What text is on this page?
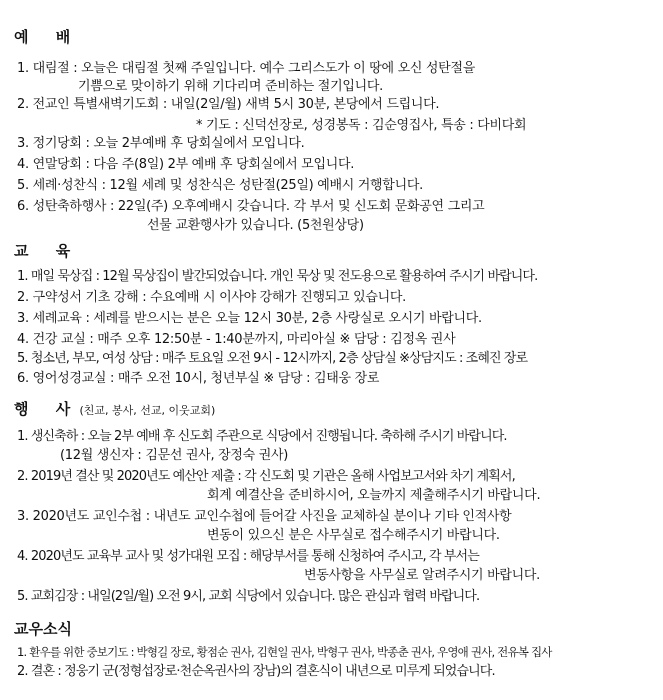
예 배
1. 대림절 : 오늘은 대림절 첫째 주일입니다. 예수 그리스도가 이 땅에 오신 성탄절을
기쁨으로 맞이하기 위해 기다리며 준비하는 절기입니다.
2. 전교인 특별새벽기도회 : 내일(2일/월) 새벽 5시 30분, 본당에서 드립니다.
* 기도 : 신덕선장로, 성경봉독 : 김순영집사, 특송 : 다비다회
3. 정기당회 : 오늘 2부예배 후 당회실에서 모입니다.
4. 연말당회 : 다음 주(8일) 2부 예배 후 당회실에서 모입니다.
5. 세례·성찬식 : 12월 세례 및 성찬식은 성탄절(25일) 예배시 거행합니다.
6. 성탄축하행사 : 22일(주) 오후예배시 갖습니다. 각 부서 및 신도회 문화공연 그리고
선물 교환행사가 있습니다. (5천원상당)
교 육
1. 매일 묵상집 : 12월 묵상집이 발간되었습니다. 개인 묵상 및 전도용으로 활용하여 주시기 바랍니다.
2. 구약성서 기초 강해 : 수요예배 시 이사야 강해가 진행되고 있습니다.
3. 세례교육 : 세례를 받으시는 분은 오늘 12시 30분, 2층 사랑실로 오시기 바랍니다.
4. 건강 교실 : 매주 오후 12:50분 - 1:40분까지, 마리아실 ※ 담당 : 김정옥 권사
5. 청소년, 부모, 여성 상담 : 매주 토요일 오전 9시 - 12시까지, 2층 상담실 ※상담지도 : 조혜진 장로
6. 영어성경교실 : 매주 오전 10시, 청년부실 ※ 담당 : 김태웅 장로
행 사 (친교, 봉사, 선교, 이웃교회)
1. 생신축하 : 오늘 2부 예배 후 신도회 주관으로 식당에서 진행됩니다. 축하해 주시기 바랍니다.
(12월 생신자 : 김문선 권사, 장정숙 권사)
2. 2019년 결산 및 2020년도 예산안 제출 : 각 신도회 및 기관은 올해 사업보고서와 차기 계획서,
회계 예결산을 준비하시어, 오늘까지 제출해주시기 바랍니다.
3. 2020년도 교인수첩 : 내년도 교인수첩에 들어갈 사진을 교체하실 분이나 기타 인적사항
변동이 있으신 분은 사무실로 접수해주시기 바랍니다.
4. 2020년도 교육부 교사 및 성가대원 모집 : 해당부서를 통해 신청하여 주시고, 각 부서는
변동사항을 사무실로 알려주시기 바랍니다.
5. 교회김장 : 내일(2일/월) 오전 9시, 교회 식당에서 있습니다. 많은 관심과 협력 바랍니다.
교우소식
1. 환우를 위한 중보기도 : 박형길 장로, 황점순 권사, 김현일 권사, 박형구 권사, 박종춘 권사, 우영애 권사, 전유복 집사
2. 결혼 : 정웅기 군(정형섭장로·천순옥권사의 장남)의 결혼식이 내년으로 미루게 되었습니다.
